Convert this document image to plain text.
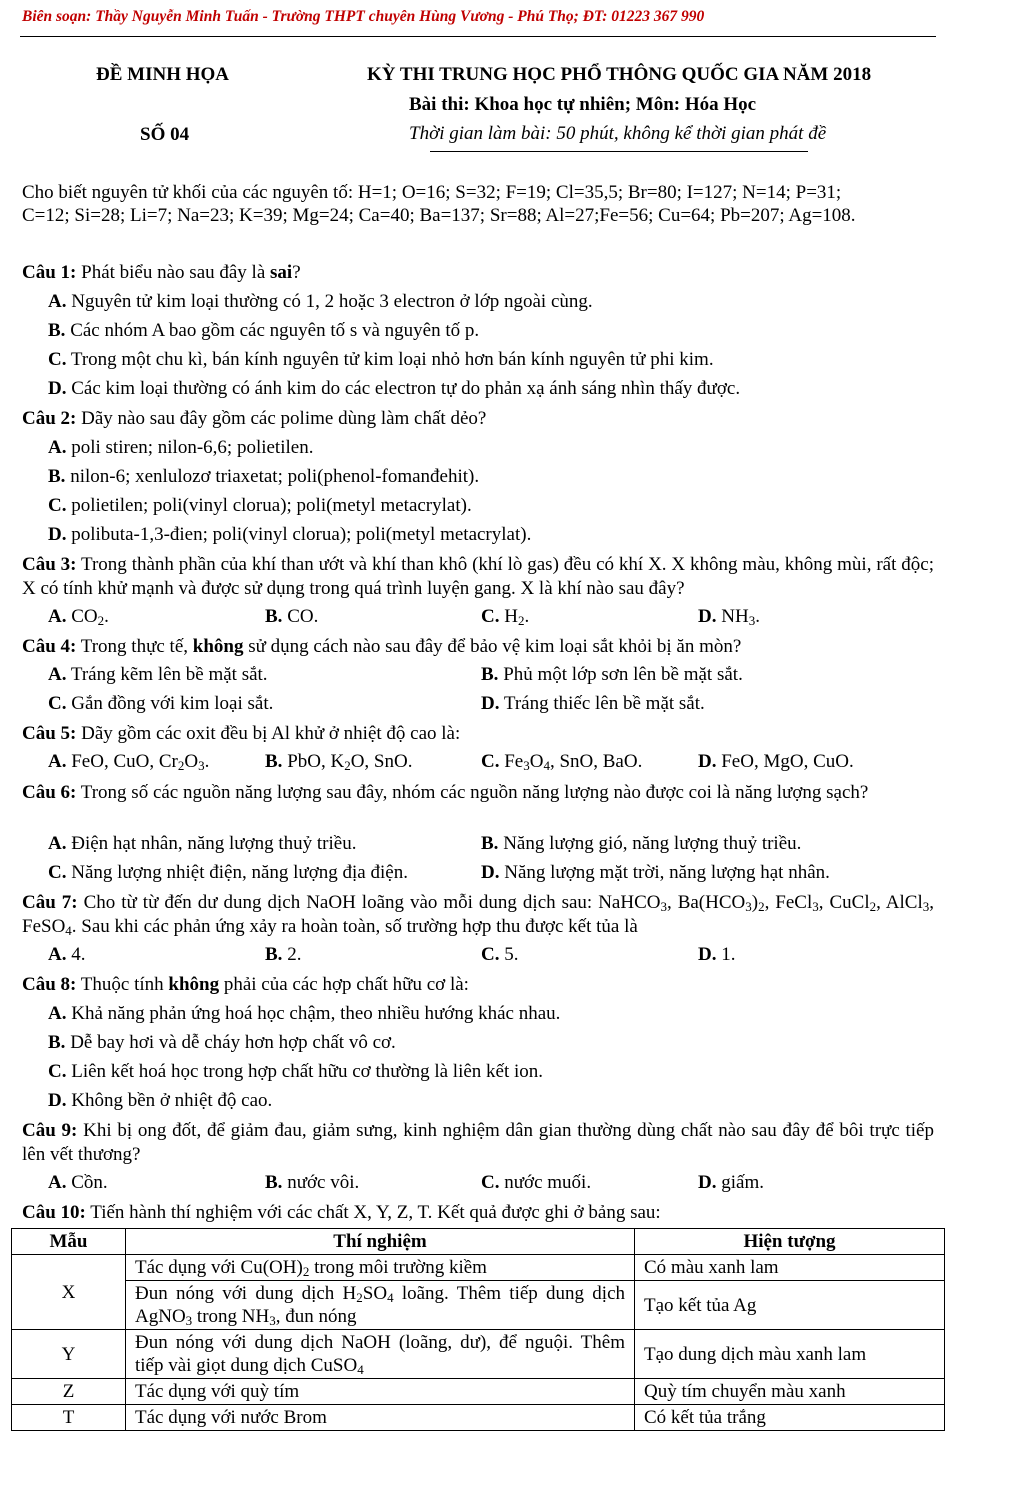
Biên soạn: Thầy Nguyễn Minh Tuấn - Trường THPT chuyên Hùng Vương - Phú Thọ; ĐT: 01223 367 990
ĐỀ MINH HỌA
SỐ 04
KỲ THI TRUNG HỌC PHỔ THÔNG QUỐC GIA NĂM 2018
Bài thi: Khoa học tự nhiên; Môn: Hóa Học
Thời gian làm bài: 50 phút, không kể thời gian phát đề
Cho biết nguyên tử khối của các nguyên tố: H=1; O=16; S=32; F=19; Cl=35,5; Br=80; I=127; N=14; P=31;
C=12; Si=28; Li=7; Na=23; K=39; Mg=24; Ca=40; Ba=137; Sr=88; Al=27;Fe=56; Cu=64; Pb=207; Ag=108.
Câu 1: Phát biểu nào sau đây là sai?
A. Nguyên tử kim loại thường có 1, 2 hoặc 3 electron ở lớp ngoài cùng.
B. Các nhóm A bao gồm các nguyên tố s và nguyên tố p.
C. Trong một chu kì, bán kính nguyên tử kim loại nhỏ hơn bán kính nguyên tử phi kim.
D. Các kim loại thường có ánh kim do các electron tự do phản xạ ánh sáng nhìn thấy được.
Câu 2: Dãy nào sau đây gồm các polime dùng làm chất dẻo?
A. poli stiren; nilon-6,6; polietilen.
B. nilon-6; xenlulozơ triaxetat; poli(phenol-fomanđehit).
C. polietilen; poli(vinyl clorua); poli(metyl metacrylat).
D. polibuta-1,3-đien; poli(vinyl clorua); poli(metyl metacrylat).
Câu 3: Trong thành phần của khí than ướt và khí than khô (khí lò gas) đều có khí X. X không màu, không mùi, rất độc; X có tính khử mạnh và được sử dụng trong quá trình luyện gang. X là khí nào sau đây?
A. $CO_2$.	B. CO.	C. $H_2$.	D. $NH_3$.
Câu 4: Trong thực tế, không sử dụng cách nào sau đây để bảo vệ kim loại sắt khỏi bị ăn mòn?
A. Tráng kẽm lên bề mặt sắt.	B. Phủ một lớp sơn lên bề mặt sắt.
C. Gắn đồng với kim loại sắt.	D. Tráng thiếc lên bề mặt sắt.
Câu 5: Dãy gồm các oxit đều bị Al khử ở nhiệt độ cao là:
A. FeO, CuO, $Cr_2O_3$.	B. PbO, $K_2O$, SnO.	C. $Fe_3O_4$, SnO, BaO.	D. FeO, MgO, CuO.
Câu 6: Trong số các nguồn năng lượng sau đây, nhóm các nguồn năng lượng nào được coi là năng lượng sạch?
A. Điện hạt nhân, năng lượng thuỷ triều.	B. Năng lượng gió, năng lượng thuỷ triều.
C. Năng lượng nhiệt điện, năng lượng địa điện.	D. Năng lượng mặt trời, năng lượng hạt nhân.
Câu 7: Cho từ từ đến dư dung dịch NaOH loãng vào mỗi dung dịch sau: NaHCO$_3$, $Ba(HCO_3)_2$, FeCl$_3$, CuCl$_2$, AlCl$_3$, FeSO$_4$. Sau khi các phản ứng xảy ra hoàn toàn, số trường hợp thu được kết tủa là
A. 4.	B. 2.	C. 5.	D. 1.
Câu 8: Thuộc tính không phải của các hợp chất hữu cơ là:
A. Khả năng phản ứng hoá học chậm, theo nhiều hướng khác nhau.
B. Dễ bay hơi và dễ cháy hơn hợp chất vô cơ.
C. Liên kết hoá học trong hợp chất hữu cơ thường là liên kết ion.
D. Không bền ở nhiệt độ cao.
Câu 9: Khi bị ong đốt, để giảm đau, giảm sưng, kinh nghiệm dân gian thường dùng chất nào sau đây để bôi trực tiếp lên vết thương?
A. Cồn.	B. nước vôi.	C. nước muối.	D. giấm.
Câu 10: Tiến hành thí nghiệm với các chất X, Y, Z, T. Kết quả được ghi ở bảng sau:
Mẫu	Thí nghiệm	Hiện tượng
X	Tác dụng với $Cu(OH)_2$ trong môi trường kiềm	Có màu xanh lam
	Đun nóng với dung dịch $H_2SO_4$ loãng. Thêm tiếp dung dịch AgNO$_3$ trong $NH_3$, đun nóng	Tạo kết tủa Ag
Y	Đun nóng với dung dịch NaOH (loãng, dư), để nguội. Thêm tiếp vài giọt dung dịch CuSO$_4$	Tạo dung dịch màu xanh lam
Z	Tác dụng với quỳ tím	Quỳ tím chuyển màu xanh
T	Tác dụng với nước Brom	Có kết tủa trắng
